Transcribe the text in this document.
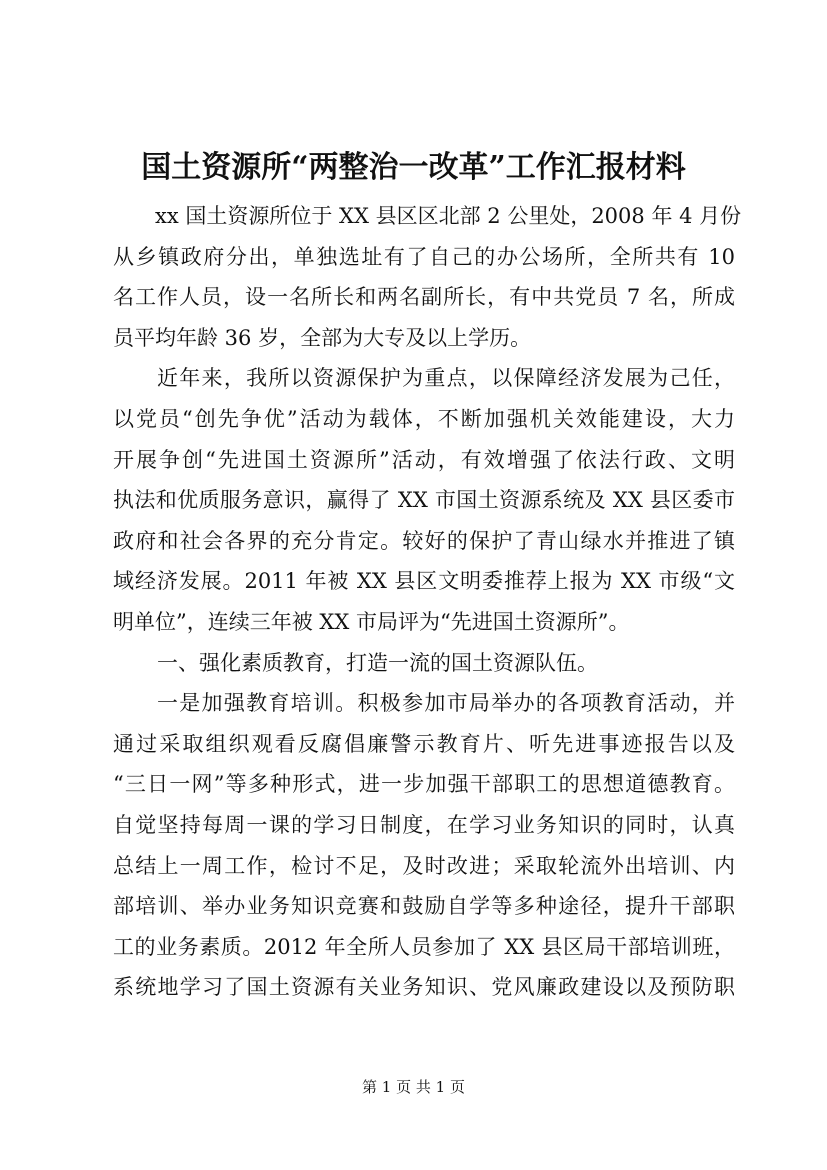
国土资源所“两整治一改革”工作汇报材料
xx 国土资源所位于 XX 县区区北部 2 公里处，2008 年 4 月份
从乡镇政府分出，单独选址有了自己的办公场所，全所共有 10
名工作人员，设一名所长和两名副所长，有中共党员 7 名，所成
员平均年龄 36 岁，全部为大专及以上学历。
近年来，我所以资源保护为重点，以保障经济发展为己任，
以党员“创先争优”活动为载体，不断加强机关效能建设，大力
开展争创“先进国土资源所”活动，有效增强了依法行政、文明
执法和优质服务意识，赢得了 XX 市国土资源系统及 XX 县区委市
政府和社会各界的充分肯定。较好的保护了青山绿水并推进了镇
域经济发展。2011 年被 XX 县区文明委推荐上报为 XX 市级“文
明单位”，连续三年被 XX 市局评为“先进国土资源所”。
一、强化素质教育，打造一流的国土资源队伍。
一是加强教育培训。积极参加市局举办的各项教育活动，并
通过采取组织观看反腐倡廉警示教育片、听先进事迹报告以及
“三日一网”等多种形式，进一步加强干部职工的思想道德教育。
自觉坚持每周一课的学习日制度，在学习业务知识的同时，认真
总结上一周工作，检讨不足，及时改进；采取轮流外出培训、内
部培训、举办业务知识竞赛和鼓励自学等多种途径，提升干部职
工的业务素质。2012 年全所人员参加了 XX 县区局干部培训班，
系统地学习了国土资源有关业务知识、党风廉政建设以及预防职
第 1 页 共 1 页
